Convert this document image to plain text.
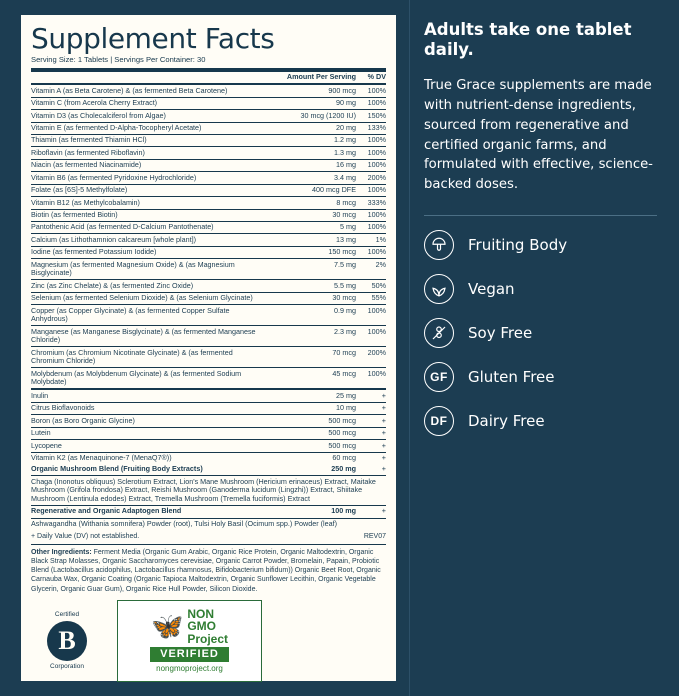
Supplement Facts
Serving Size: 1 Tablets | Servings Per Container: 30
	Amount Per Serving	% DV
Vitamin A (as Beta Carotene) & (as fermented Beta Carotene)	900 mcg	100%
Vitamin C (from Acerola Cherry Extract)	90 mg	100%
Vitamin D3 (as Cholecalciferol from Algae)	30 mcg (1200 IU)	150%
Vitamin E (as fermented D-Alpha-Tocopheryl Acetate)	20 mg	133%
Thiamin (as fermented Thiamin HCl)	1.2 mg	100%
Riboflavin (as fermented Riboflavin)	1.3 mg	100%
Niacin (as fermented Niacinamide)	16 mg	100%
Vitamin B6 (as fermented Pyridoxine Hydrochloride)	3.4 mg	200%
Folate (as [6S]-5 Methylfolate)	400 mcg DFE	100%
Vitamin B12 (as Methylcobalamin)	8 mcg	333%
Biotin (as fermented Biotin)	30 mcg	100%
Pantothenic Acid (as fermented D-Calcium Pantothenate)	5 mg	100%
Calcium (as Lithothamnion calcareum [whole plant])	13 mg	1%
Iodine (as fermented Potassium Iodide)	150 mcg	100%
Magnesium (as fermented Magnesium Oxide) & (as Magnesium Bisglycinate)	7.5 mg	2%
Zinc (as Zinc Chelate) & (as fermented Zinc Oxide)	5.5 mg	50%
Selenium (as fermented Selenium Dioxide) & (as Selenium Glycinate)	30 mcg	55%
Copper (as Copper Glycinate) & (as fermented Copper Sulfate Anhydrous)	0.9 mg	100%
Manganese (as Manganese Bisglycinate) & (as fermented Manganese Chloride)	2.3 mg	100%
Chromium (as Chromium Nicotinate Glycinate) & (as fermented Chromium Chloride)	70 mcg	200%
Molybdenum (as Molybdenum Glycinate) & (as fermented Sodium Molybdate)	45 mcg	100%
Inulin	25 mg	+
Citrus Bioflavonoids	10 mg	+
Boron (as Boro Organic Glycine)	500 mcg	+
Lutein	500 mcg	+
Lycopene	500 mcg	+
Vitamin K2 (as Menaquinone-7 (MenaQ7®))	60 mcg	+
Organic Mushroom Blend (Fruiting Body Extracts)	250 mg	+
Chaga (Inonotus obliquus) Sclerotium Extract, Lion's Mane Mushroom (Hericium erinaceus) Extract, Maitake Mushroom (Grifola frondosa) Extract, Reishi Mushroom (Ganoderma lucidum (Lingzhi)) Extract, Shiitake Mushroom (Lentinula edodes) Extract, Tremella Mushroom (Tremella fuciformis) Extract		
Regenerative and Organic Adaptogen Blend	100 mg	+
Ashwagandha (Withania somnifera) Powder (root), Tulsi Holy Basil (Ocimum spp.) Powder (leaf)		
+ Daily Value (DV) not established.	REV07
Other Ingredients: Ferment Media (Organic Gum Arabic, Organic Rice Protein, Organic Maltodextrin, Organic Black Strap Molasses, Organic Saccharomyces cerevisiae, Organic Carrot Powder, Bromelain, Papain, Probiotic Blend (Lactobacillus acidophilus, Lactobacillus rhamnosus, Bifidobacterium bifidum)) Organic Beet Root, Organic Carnauba Wax, Organic Coating (Organic Tapioca Maltodextrin, Organic Sunflower Lecithin, Organic Vegetable Glycerin, Organic Guar Gum), Organic Rice Hull Powder, Silicon Dioxide.
Certified
B
Corporation
🦋 NON
GMO
Project
VERIFIED
nongmoproject.org
Adults take one tablet daily.
True Grace supplements are made with nutrient-dense ingredients, sourced from regenerative and certified organic farms, and formulated with effective, science-backed doses.
Fruiting Body
Vegan
Soy Free
GF	Gluten Free
DF	Dairy Free
